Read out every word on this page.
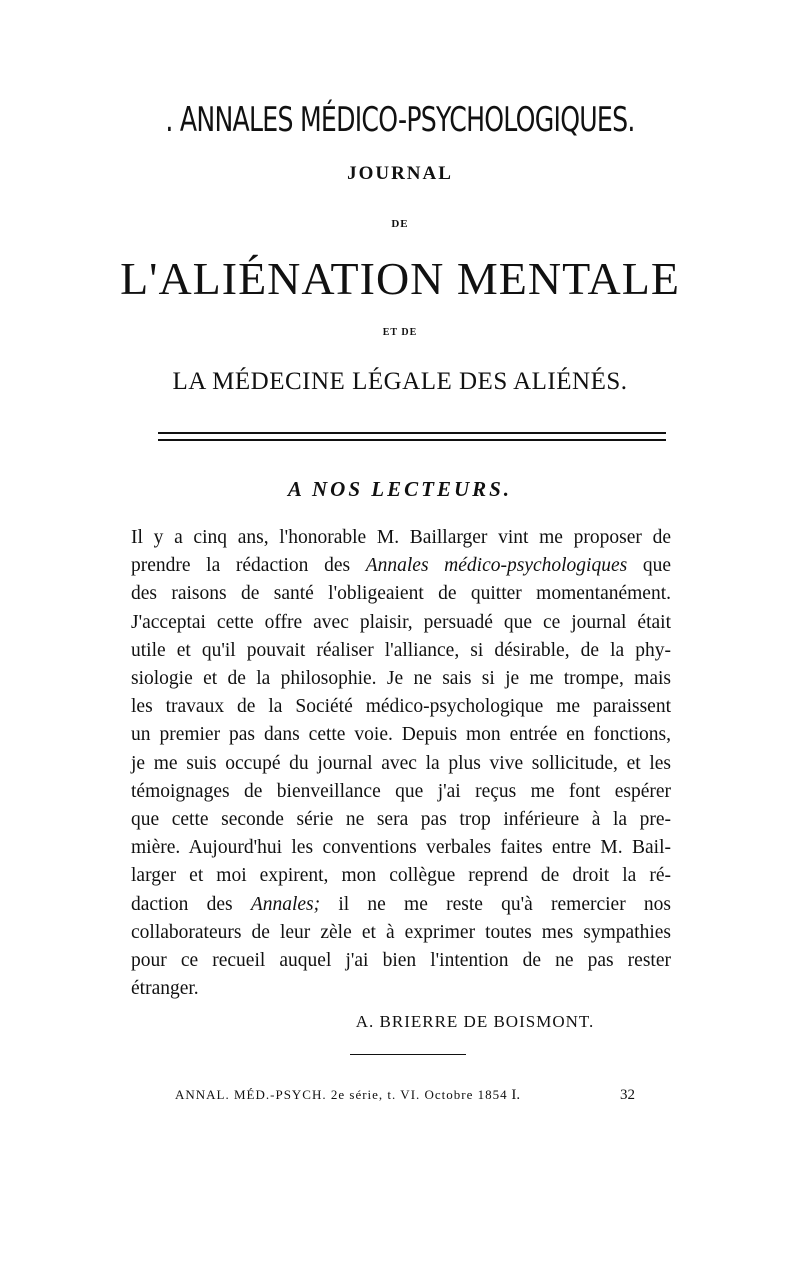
. ANNALES MÉDICO-PSYCHOLOGIQUES.
JOURNAL
DE
L'ALIÉNATION MENTALE
ET DE
LA MÉDECINE LÉGALE DES ALIÉNÉS.
A NOS LECTEURS.
Il y a cinq ans, l'honorable M. Baillarger vint me proposer de
prendre la rédaction des Annales médico-psychologiques que
des raisons de santé l'obligeaient de quitter momentanément.
J'acceptai cette offre avec plaisir, persuadé que ce journal était
utile et qu'il pouvait réaliser l'alliance, si désirable, de la phy-
siologie et de la philosophie. Je ne sais si je me trompe, mais
les travaux de la Société médico-psychologique me paraissent
un premier pas dans cette voie. Depuis mon entrée en fonctions,
je me suis occupé du journal avec la plus vive sollicitude, et les
témoignages de bienveillance que j'ai reçus me font espérer
que cette seconde série ne sera pas trop inférieure à la pre-
mière. Aujourd'hui les conventions verbales faites entre M. Bail-
larger et moi expirent, mon collègue reprend de droit la ré-
daction des Annales; il ne me reste qu'à remercier nos
collaborateurs de leur zèle et à exprimer toutes mes sympathies
pour ce recueil auquel j'ai bien l'intention de ne pas rester
étranger.
A. BRIERRE DE BOISMONT.
ANNAL. MÉD.-PSYCH. 2e série, t. VI. Octobre 1854 I.	32
